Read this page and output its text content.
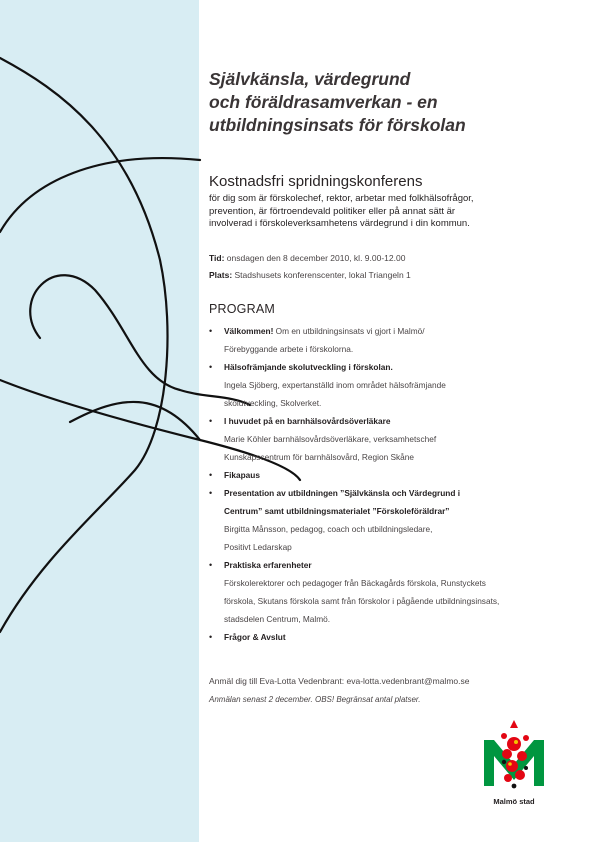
Självkänsla, värdegrund
och föräldrasamverkan - en
utbildningsinsats för förskolan
Kostnadsfri spridningskonferens
för dig som är förskolechef, rektor, arbetar med folkhälsofrågor,
prevention, är förtroendevald politiker eller på annat sätt är
involverad i förskoleverksamhetens värdegrund i din kommun.
Tid: onsdagen den 8 december 2010, kl. 9.00-12.00
Plats: Stadshusets konferenscenter, lokal Triangeln 1
PROGRAM
• Välkommen! Om en utbildningsinsats vi gjort i Malmö/
Förebyggande arbete i förskolorna.
• Hälsofrämjande skolutveckling i förskolan.
Ingela Sjöberg, expertanställd inom området hälsofrämjande
skolutveckling, Skolverket.
• I huvudet på en barnhälsovårdsöverläkare
Marie Köhler barnhälsovårdsöverläkare, verksamhetschef
Kunskapscentrum för barnhälsovård, Region Skåne
• Fikapaus
• Presentation av utbildningen ”Självkänsla och Värdegrund i
Centrum” samt utbildningsmaterialet ”Förskoleföräldrar”
Birgitta Månsson, pedagog, coach och utbildningsledare,
Positivt Ledarskap
• Praktiska erfarenheter
Förskolerektorer och pedagoger från Bäckagårds förskola, Runstyckets
förskola, Skutans förskola samt från förskolor i pågående utbildningsinsats,
stadsdelen Centrum, Malmö.
• Frågor & Avslut
Anmäl dig till Eva-Lotta Vedenbrant: eva-lotta.vedenbrant@malmo.se
Anmälan senast 2 december. OBS! Begränsat antal platser.
Malmö stad
